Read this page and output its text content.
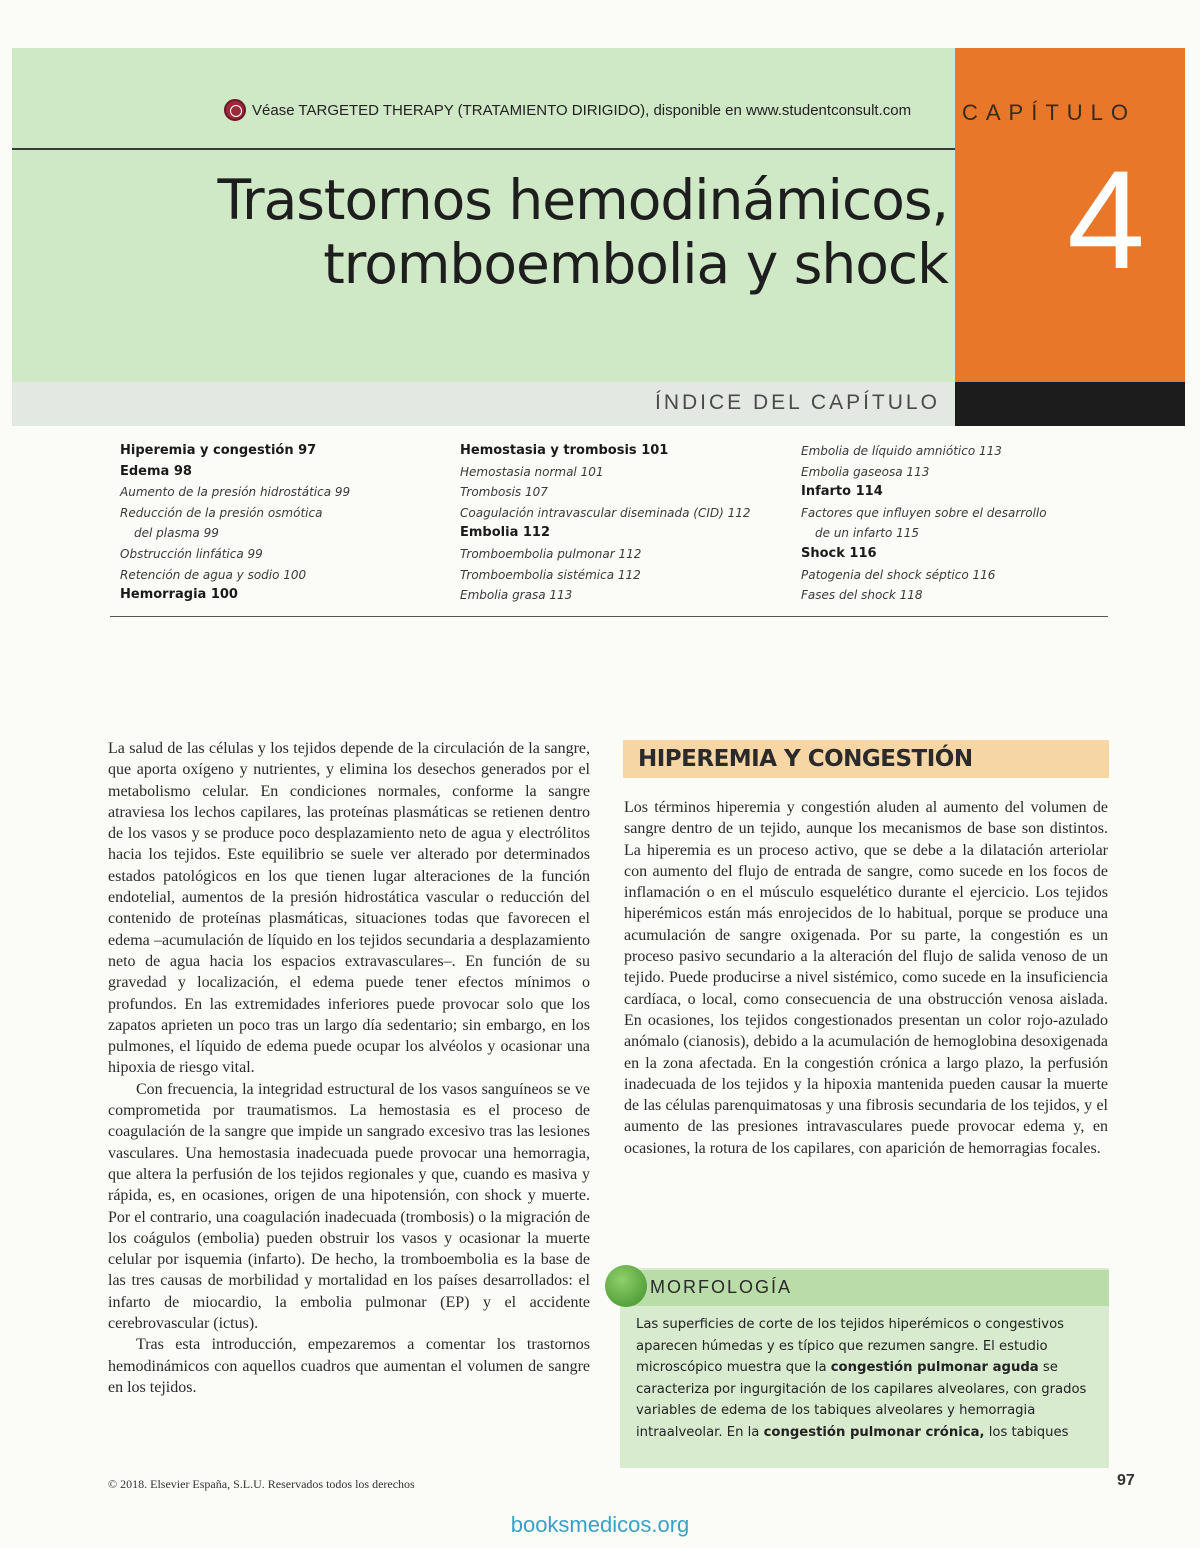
Véase TARGETED THERAPY (TRATAMIENTO DIRIGIDO), disponible en www.studentconsult.com CAPÍTULO
4
Trastornos hemodinámicos,
tromboembolia y shock
ÍNDICE DEL CAPÍTULO
Hiperemia y congestión 97
Edema 98
Aumento de la presión hidrostática 99
Reducción de la presión osmótica
del plasma 99
Obstrucción linfática 99
Retención de agua y sodio 100
Hemorragia 100
Hemostasia y trombosis 101
Hemostasia normal 101
Trombosis 107
Coagulación intravascular diseminada (CID) 112
Embolia 112
Tromboembolia pulmonar 112
Tromboembolia sistémica 112
Embolia grasa 113
Embolia de líquido amniótico 113
Embolia gaseosa 113
Infarto 114
Factores que influyen sobre el desarrollo
de un infarto 115
Shock 116
Patogenia del shock séptico 116
Fases del shock 118

La salud de las células y los tejidos depende de la circulación de la sangre, que aporta oxígeno y nutrientes, y elimina los desechos generados por el metabolismo celular. En condiciones normales, conforme la sangre atraviesa los lechos capilares, las proteínas plasmáticas se retienen dentro de los vasos y se produce poco desplazamiento neto de agua y electrólitos hacia los tejidos. Este equilibrio se suele ver alterado por determinados estados patológicos en los que tienen lugar alteraciones de la función endotelial, aumentos de la presión hidrostática vascular o reducción del contenido de proteínas plasmáticas, situaciones todas que favorecen el edema –acumulación de líquido en los tejidos secundaria a desplazamiento neto de agua hacia los espacios extravasculares–. En función de su gravedad y localización, el edema puede tener efectos mínimos o profundos. En las extremidades inferiores puede provocar solo que los zapatos aprieten un poco tras un largo día sedentario; sin embargo, en los pulmones, el líquido de edema puede ocupar los alvéolos y ocasionar una hipoxia de riesgo vital.

Con frecuencia, la integridad estructural de los vasos sanguíneos se ve comprometida por traumatismos. La hemostasia es el proceso de coagulación de la sangre que impide un sangrado excesivo tras las lesiones vasculares. Una hemostasia inadecuada puede provocar una hemorragia, que altera la perfusión de los tejidos regionales y que, cuando es masiva y rápida, es, en ocasiones, origen de una hipotensión, con shock y muerte. Por el contrario, una coagulación inadecuada (trombosis) o la migración de los coágulos (embolia) pueden obstruir los vasos y ocasionar la muerte celular por isquemia (infarto). De hecho, la tromboembolia es la base de las tres causas de morbilidad y mortalidad en los países desarrollados: el infarto de miocardio, la embolia pulmonar (EP) y el accidente cerebrovascular (ictus).

Tras esta introducción, empezaremos a comentar los trastornos hemodinámicos con aquellos cuadros que aumentan el volumen de sangre en los tejidos.

HIPEREMIA Y CONGESTIÓN

Los términos hiperemia y congestión aluden al aumento del volumen de sangre dentro de un tejido, aunque los mecanismos de base son distintos. La hiperemia es un proceso activo, que se debe a la dilatación arteriolar con aumento del flujo de entrada de sangre, como sucede en los focos de inflamación o en el músculo esquelético durante el ejercicio. Los tejidos hiperémicos están más enrojecidos de lo habitual, porque se produce una acumulación de sangre oxigenada. Por su parte, la congestión es un proceso pasivo secundario a la alteración del flujo de salida venoso de un tejido. Puede producirse a nivel sistémico, como sucede en la insuficiencia cardíaca, o local, como consecuencia de una obstrucción venosa aislada. En ocasiones, los tejidos congestionados presentan un color rojo-azulado anómalo (cianosis), debido a la acumulación de hemoglobina desoxigenada en la zona afectada. En la congestión crónica a largo plazo, la perfusión inadecuada de los tejidos y la hipoxia mantenida pueden causar la muerte de las células parenquimatosas y una fibrosis secundaria de los tejidos, y el aumento de las presiones intravasculares puede provocar edema y, en ocasiones, la rotura de los capilares, con aparición de hemorragias focales.

MORFOLOGÍA
Las superficies de corte de los tejidos hiperémicos o congestivos aparecen húmedas y es típico que rezumen sangre. El estudio microscópico muestra que la congestión pulmonar aguda se caracteriza por ingurgitación de los capilares alveolares, con grados variables de edema de los tabiques alveolares y hemorragia intraalveolar. En la congestión pulmonar crónica, los tabiques
© 2018. Elsevier España, S.L.U. Reservados todos los derechos	97
booksmedicos.org
